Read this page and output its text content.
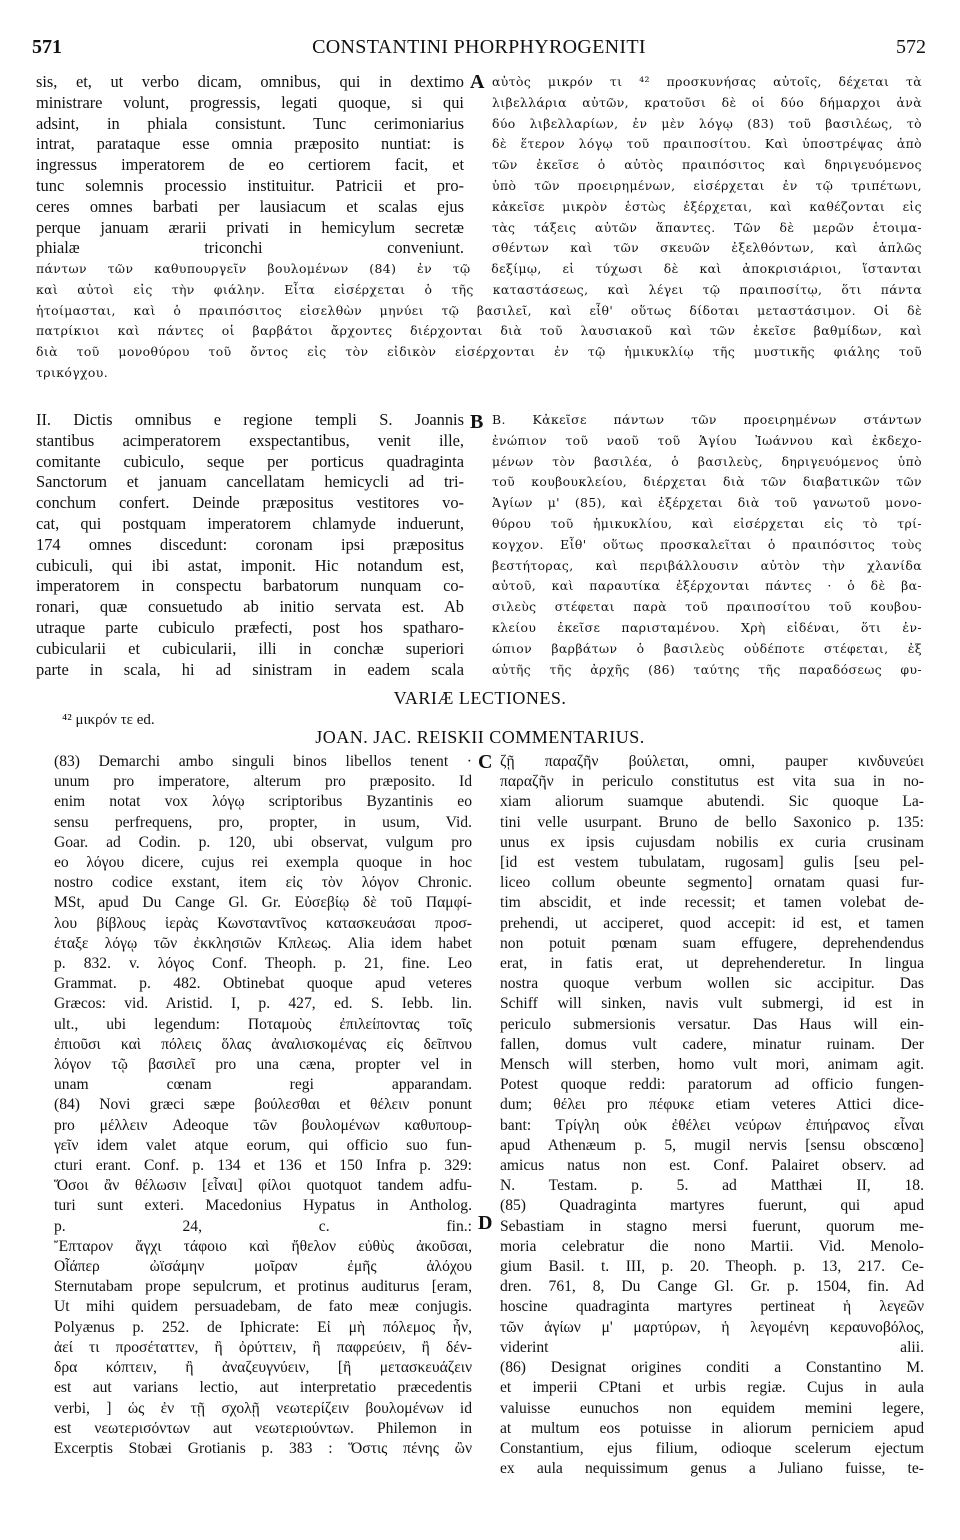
571	CONSTANTINI PHORPHYROGENITI	572
sis, et, ut verbo dicam, omnibus, qui in dextimo
ministrare volunt, progressis, legati quoque, si qui
adsint, in phiala consistunt. Tunc cerimoniarius
intrat, parataque esse omnia præposito nuntiat: is
ingressus imperatorem de eo certiorem facit, et
tunc solemnis processio instituitur. Patricii et pro-
ceres omnes barbati per lausiacum et scalas ejus
perque januam ærarii privati in hemicylum secretæ
phialæ triconchi conveniunt.
A αὐτὸς μικρόν τι ⁴² προσκυνήσας αὐτοῖς, δέχεται τὰ
λιβελλάρια αὐτῶν, κρατοῦσι δὲ οἱ δύο δήμαρχοι ἀνὰ
δύο λιβελλαρίων, ἐν μὲν λόγῳ (83) τοῦ βασιλέως, τὸ
δὲ ἕτερον λόγῳ τοῦ πραιποσίτου. Καὶ ὑποστρέψας ἀπὸ
τῶν ἐκεῖσε ὁ αὐτὸς πραιπόσιτος καὶ δηριγευόμενος
ὑπὸ τῶν προειρημένων, εἰσέρχεται ἐν τῷ τριπέτωνι,
κἀκεῖσε μικρὸν ἑστὼς ἐξέρχεται, καὶ καθέζονται εἰς
τὰς τάξεις αὐτῶν ἅπαντες. Τῶν δὲ μερῶν ἑτοιμα-
σθέντων καὶ τῶν σκευῶν ἐξελθόντων, καὶ ἁπλῶς
πάντων τῶν καθυπουργεῖν βουλομένων (84) ἐν τῷ δεξίμῳ, εἰ τύχωσι δὲ καὶ ἀποκρισιάριοι, ἵστανται
καὶ αὐτοὶ εἰς τὴν φιάλην. Εἶτα εἰσέρχεται ὁ τῆς καταστάσεως, καὶ λέγει τῷ πραιποσίτῳ, ὅτι πάντα
ἡτοίμασται, καὶ ὁ πραιπόσιτος εἰσελθὼν μηνύει τῷ βασιλεῖ, καὶ εἶθ' οὕτως δίδοται μεταστάσιμον. Οἱ δὲ
πατρίκιοι καὶ πάντες οἱ βαρβάτοι ἄρχοντες διέρχονται διὰ τοῦ λαυσιακοῦ καὶ τῶν ἐκεῖσε βαθμίδων, καὶ
διὰ τοῦ μονοθύρου τοῦ ὄντος εἰς τὸν εἰδικὸν εἰσέρχονται ἐν τῷ ἡμικυκλίῳ τῆς μυστικῆς φιάλης τοῦ
τρικόγχου.
II. Dictis omnibus e regione templi S. Joannis
stantibus acimperatorem exspectantibus, venit ille,
comitante cubiculo, seque per porticus quadraginta
Sanctorum et januam cancellatam hemicycli ad tri-
conchum confert. Deinde præpositus vestitores vo-
cat, qui postquam imperatorem chlamyde induerunt,
174 omnes discedunt: coronam ipsi præpositus
cubiculi, qui ibi astat, imponit. Hic notandum est,
imperatorem in conspectu barbatorum nunquam co-
ronari, quæ consuetudo ab initio servata est. Ab
utraque parte cubiculo præfecti, post hos spatharo-
cubicularii et cubicularii, illi in conchæ superiori
parte in scala, hi ad sinistram in eadem scala
B Β. Κἀκεῖσε πάντων τῶν προειρημένων στάντων
ἐνώπιον τοῦ ναοῦ τοῦ Ἁγίου Ἰωάννου καὶ ἐκδεχο-
μένων τὸν βασιλέα, ὁ βασιλεὺς, δηριγευόμενος ὑπὸ
τοῦ κουβουκλείου, διέρχεται διὰ τῶν διαβατικῶν τῶν
Ἁγίων μ' (85), καὶ ἐξέρχεται διὰ τοῦ γανωτοῦ μονο-
θύρου τοῦ ἡμικυκλίου, καὶ εἰσέρχεται εἰς τὸ τρί-
κογχον. Εἶθ' οὕτως προσκαλεῖται ὁ πραιπόσιτος τοὺς
βεστήτορας, καὶ περιβάλλουσιν αὐτὸν τὴν χλανίδα
αὐτοῦ, καὶ παραυτίκα ἐξέρχονται πάντες · ὁ δὲ βα-
σιλεὺς στέφεται παρὰ τοῦ πραιποσίτου τοῦ κουβου-
κλείου ἐκεῖσε παρισταμένου. Χρὴ εἰδέναι, ὅτι ἐν-
ώπιον βαρβάτων ὁ βασιλεὺς οὐδέποτε στέφεται, ἐξ
αὐτῆς τῆς ἀρχῆς (86) ταύτης τῆς παραδόσεως φυ-
VARIÆ LECTIONES.
⁴² μικρόν τε ed.
JOAN. JAC. REISKII COMMENTARIUS.
(83) Demarchi ambo singuli binos libellos tenent ·
unum pro imperatore, alterum pro præposito. Id
enim notat vox λόγῳ scriptoribus Byzantinis eo
sensu perfrequens, pro, propter, in usum, Vid.
Goar. ad Codin. p. 120, ubi observat, vulgum pro
eo λόγου dicere, cujus rei exempla quoque in hoc
nostro codice exstant, item εἰς τὸν λόγον Chronic.
MSt, apud Du Cange Gl. Gr. Εὐσεβίῳ δὲ τοῦ Παμφί-
λου βίβλους ἱερὰς Κωνσταντῖνος κατασκευάσαι προσ-
έταξε λόγῳ τῶν ἐκκλησιῶν Κπλεως. Alia idem habet
p. 832. v. λόγος Conf. Theoph. p. 21, fine. Leo
Grammat. p. 482. Obtinebat quoque apud veteres
Græcos: vid. Aristid. I, p. 427, ed. S. Iebb. lin.
ult., ubi legendum: Ποταμοὺς ἐπιλείποντας τοῖς
ἐπιοῦσι καὶ πόλεις ὅλας ἀναλισκομένας εἰς δεῖπνου
λόγον τῷ βασιλεῖ pro una cæna, propter vel in
unam cœnam regi apparandam.
(84) Novi græci sæpe βούλεσθαι et θέλειν ponunt
pro μέλλειν Adeoque τῶν βουλομένων καθυπουρ-
γεῖν idem valet atque eorum, qui officio suo fun-
cturi erant. Conf. p. 134 et 136 et 150 Infra p. 329:
Ὅσοι ἂν θέλωσιν [εἶναι] φίλοι quotquot tandem adfu-
turi sunt exteri. Macedonius Hypatus in Antholog.
p. 24, c. fin.:
Ἔπταρον ἄγχι τάφοιο καὶ ἤθελον εὐθὺς ἀκοῦσαι,
Οἷάπερ ὠϊσάμην μοῖραν ἐμῆς ἀλόχου
Sternutabam prope sepulcrum, et protinus auditurus [eram,
Ut mihi quidem persuadebam, de fato meæ conjugis.
Polyænus p. 252. de Iphicrate: Εἰ μὴ πόλεμος ἦν,
ἀεί τι προσέταττεν, ἢ ὀρύττειν, ἢ παφρεύειν, ἢ δέν-
δρα κόπτειν, ἢ ἀναζευγνύειν, [ἢ μετασκευάζειν
est aut varians lectio, aut interpretatio præcedentis
verbi, ] ὡς ἐν τῇ σχολῇ νεωτερίζειν βουλομένων id
est νεωτερισόντων aut νεωτεριούντων. Philemon in
Excerptis Stobæi Grotianis p. 383 : Ὅστις πένης ὢν
C
D
ζῇ παραζῆν βούλεται, omni, pauper κινδυνεύει
παραζῆν in periculo constitutus est vita sua in no-
xiam aliorum suamque abutendi. Sic quoque La-
tini velle usurpant. Bruno de bello Saxonico p. 135:
unus ex ipsis cujusdam nobilis ex curia crusinam
[id est vestem tubulatam, rugosam] gulis [seu pel-
liceo collum obeunte segmento] ornatam quasi fur-
tim abscidit, et inde recessit; et tamen volebat de-
prehendi, ut acciperet, quod accepit: id est, et tamen
non potuit pœnam suam effugere, deprehendendus
erat, in fatis erat, ut deprehenderetur. In lingua
nostra quoque verbum wollen sic accipitur. Das
Schiff will sinken, navis vult submergi, id est in
periculo submersionis versatur. Das Haus will ein-
fallen, domus vult cadere, minatur ruinam. Der
Mensch will sterben, homo vult mori, animam agit.
Potest quoque reddi: paratorum ad officio fungen-
dum; θέλει pro πέφυκε etiam veteres Attici dice-
bant: Τρίγλη οὐκ ἐθέλει νεύρων ἐπιήρανος εἶναι
apud Athenæum p. 5, mugil nervis [sensu obscœno]
amicus natus non est. Conf. Palairet observ. ad
N. Testam. p. 5. ad Matthæi II, 18.
(85) Quadraginta martyres fuerunt, qui apud
Sebastiam in stagno mersi fuerunt, quorum me-
moria celebratur die nono Martii. Vid. Menolo-
gium Basil. t. III, p. 20. Theoph. p. 13, 217. Ce-
dren. 761, 8, Du Cange Gl. Gr. p. 1504, fin. Ad
hoscine quadraginta martyres pertineat ἡ λεγεῶν
τῶν ἁγίων μ' μαρτύρων, ἡ λεγομένη κεραυνοβόλος,
viderint alii.
(86) Designat origines conditi a Constantino M.
et imperii CPtani et urbis regiæ. Cujus in aula
valuisse eunuchos non equidem memini legere,
at multum eos potuisse in aliorum perniciem apud
Constantium, ejus filium, odioque scelerum ejectum
ex aula nequissimum genus a Juliano fuisse, te-
